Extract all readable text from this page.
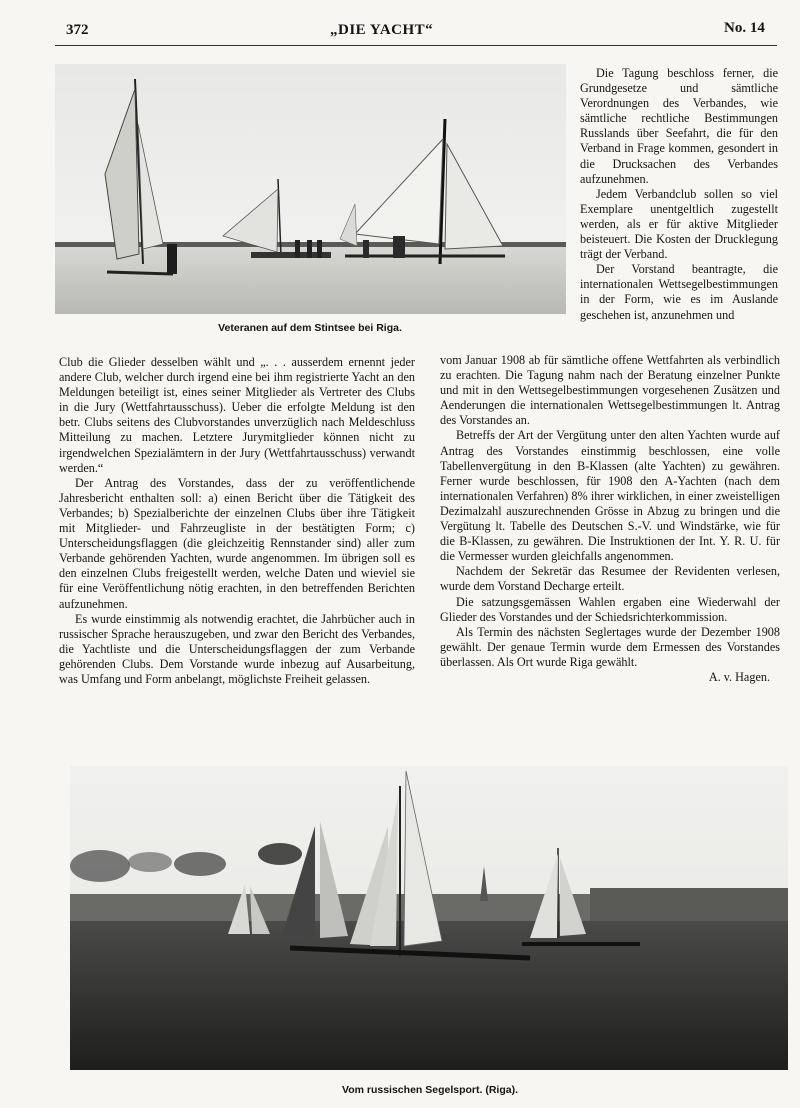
372	„DIE YACHT“	No. 14
Veteranen auf dem Stintsee bei Riga.

Die Tagung beschloss ferner, die Grundgesetze und sämtliche Verordnungen des Verbandes, wie sämtliche rechtliche Bestimmungen Russlands über Seefahrt, die für den Verband in Frage kommen, gesondert in die Drucksachen des Verbandes aufzunehmen.

Jedem Verbandclub sollen so viel Exemplare unentgeltlich zugestellt werden, als er für aktive Mitglieder beisteuert. Die Kosten der Drucklegung trägt der Verband.

Der Vorstand beantragte, die internationalen Wettsegelbestimmungen in der Form, wie es im Auslande geschehen ist, anzunehmen und

Club die Glieder desselben wählt und „. . . ausserdem ernennt jeder andere Club, welcher durch irgend eine bei ihm registrierte Yacht an den Meldungen beteiligt ist, eines seiner Mitglieder als Vertreter des Clubs in die Jury (Wettfahrtausschuss). Ueber die erfolgte Meldung ist den betr. Clubs seitens des Clubvorstandes unverzüglich nach Meldeschluss Mitteilung zu machen. Letztere Jurymitglieder können nicht zu irgendwelchen Spezialämtern in der Jury (Wettfahrtausschuss) verwandt werden.“

Der Antrag des Vorstandes, dass der zu veröffentlichende Jahresbericht enthalten soll: a) einen Bericht über die Tätigkeit des Verbandes; b) Spezialberichte der einzelnen Clubs über ihre Tätigkeit mit Mitglieder- und Fahrzeugliste in der bestätigten Form; c) Unterscheidungsflaggen (die gleichzeitig Rennstander sind) aller zum Verbande gehörenden Yachten, wurde angenommen. Im übrigen soll es den einzelnen Clubs freigestellt werden, welche Daten und wieviel sie für eine Veröffentlichung nötig erachten, in den betreffenden Berichten aufzunehmen.

Es wurde einstimmig als notwendig erachtet, die Jahrbücher auch in russischer Sprache herauszugeben, und zwar den Bericht des Verbandes, die Yachtliste und die Unterscheidungsflaggen der zum Verbande gehörenden Clubs. Dem Vorstande wurde inbezug auf Ausarbeitung, was Umfang und Form anbelangt, möglichste Freiheit gelassen.

vom Januar 1908 ab für sämtliche offene Wettfahrten als verbindlich zu erachten. Die Tagung nahm nach der Beratung einzelner Punkte und mit in den Wettsegelbestimmungen vorgesehenen Zusätzen und Aenderungen die internationalen Wettsegelbestimmungen lt. Antrag des Vorstandes an.

Betreffs der Art der Vergütung unter den alten Yachten wurde auf Antrag des Vorstandes einstimmig beschlossen, eine volle Tabellenvergütung in den B-Klassen (alte Yachten) zu gewähren. Ferner wurde beschlossen, für 1908 den A-Yachten (nach dem internationalen Verfahren) 8% ihrer wirklichen, in einer zweistelligen Dezimalzahl auszurechnenden Grösse in Abzug zu bringen und die Vergütung lt. Tabelle des Deutschen S.-V. und Windstärke, wie für die B-Klassen, zu gewähren. Die Instruktionen der Int. Y. R. U. für die Vermesser wurden gleichfalls angenommen.

Nachdem der Sekretär das Resumee der Revidenten verlesen, wurde dem Vorstand Decharge erteilt.

Die satzungsgemässen Wahlen ergaben eine Wiederwahl der Glieder des Vorstandes und der Schiedsrichterkommission.

Als Termin des nächsten Seglertages wurde der Dezember 1908 gewählt. Der genaue Termin wurde dem Ermessen des Vorstandes überlassen. Als Ort wurde Riga gewählt.

A. v. Hagen.

Vom russischen Segelsport. (Riga).
